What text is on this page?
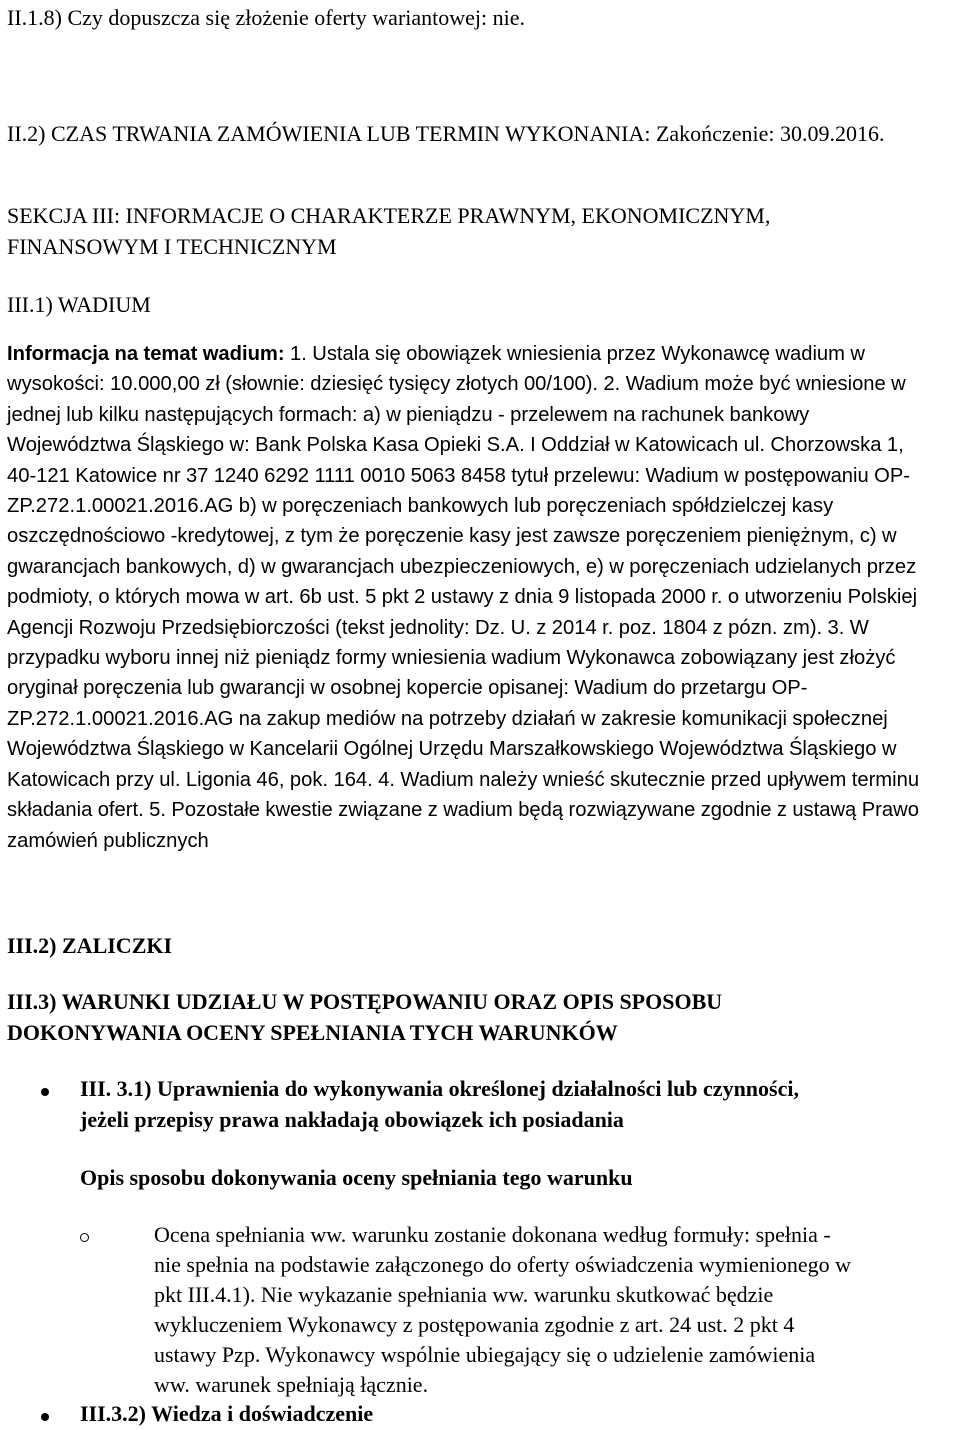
II.1.8) Czy dopuszcza się złożenie oferty wariantowej: nie.

II.2) CZAS TRWANIA ZAMÓWIENIA LUB TERMIN WYKONANIA: Zakończenie: 30.09.2016.

SEKCJA III: INFORMACJE O CHARAKTERZE PRAWNYM, EKONOMICZNYM,

FINANSOWYM I TECHNICZNYM

III.1) WADIUM

Informacja na temat wadium: 1. Ustala się obowiązek wniesienia przez Wykonawcę wadium w wysokości: 10.000,00 zł (słownie: dziesięć tysięcy złotych 00/100). 2. Wadium może być wniesione w jednej lub kilku następujących formach: a) w pieniądzu - przelewem na rachunek bankowy Województwa Śląskiego w: Bank Polska Kasa Opieki S.A. I Oddział w Katowicach ul. Chorzowska 1, 40-121 Katowice nr 37 1240 6292 1111 0010 5063 8458 tytuł przelewu: Wadium w postępowaniu OP-ZP.272.1.00021.2016.AG b) w poręczeniach bankowych lub poręczeniach spółdzielczej kasy oszczędnościowo -kredytowej, z tym że poręczenie kasy jest zawsze poręczeniem pieniężnym, c) w gwarancjach bankowych, d) w gwarancjach ubezpieczeniowych, e) w poręczeniach udzielanych przez podmioty, o których mowa w art. 6b ust. 5 pkt 2 ustawy z dnia 9 listopada 2000 r. o utworzeniu Polskiej Agencji Rozwoju Przedsiębiorczości (tekst jednolity: Dz. U. z 2014 r. poz. 1804 z pózn. zm). 3. W przypadku wyboru innej niż pieniądz formy wniesienia wadium Wykonawca zobowiązany jest złożyć oryginał poręczenia lub gwarancji w osobnej kopercie opisanej: Wadium do przetargu OP-ZP.272.1.00021.2016.AG na zakup mediów na potrzeby działań w zakresie komunikacji społecznej Województwa Śląskiego w Kancelarii Ogólnej Urzędu Marszałkowskiego Województwa Śląskiego w Katowicach przy ul. Ligonia 46, pok. 164. 4. Wadium należy wnieść skutecznie przed upływem terminu składania ofert. 5. Pozostałe kwestie związane z wadium będą rozwiązywane zgodnie z ustawą Prawo zamówień publicznych

III.2) ZALICZKI

III.3) WARUNKI UDZIAŁU W POSTĘPOWANIU ORAZ OPIS SPOSOBU

DOKONYWANIA OCENY SPEŁNIANIA TYCH WARUNKÓW

III. 3.1) Uprawnienia do wykonywania określonej działalności lub czynności,

jeżeli przepisy prawa nakładają obowiązek ich posiadania

Opis sposobu dokonywania oceny spełniania tego warunku

Ocena spełniania ww. warunku zostanie dokonana według formuły: spełnia -

nie spełnia na podstawie załączonego do oferty oświadczenia wymienionego w

pkt III.4.1). Nie wykazanie spełniania ww. warunku skutkować będzie

wykluczeniem Wykonawcy z postępowania zgodnie z art. 24 ust. 2 pkt 4

ustawy Pzp. Wykonawcy wspólnie ubiegający się o udzielenie zamówienia

ww. warunek spełniają łącznie.

III.3.2) Wiedza i doświadczenie
